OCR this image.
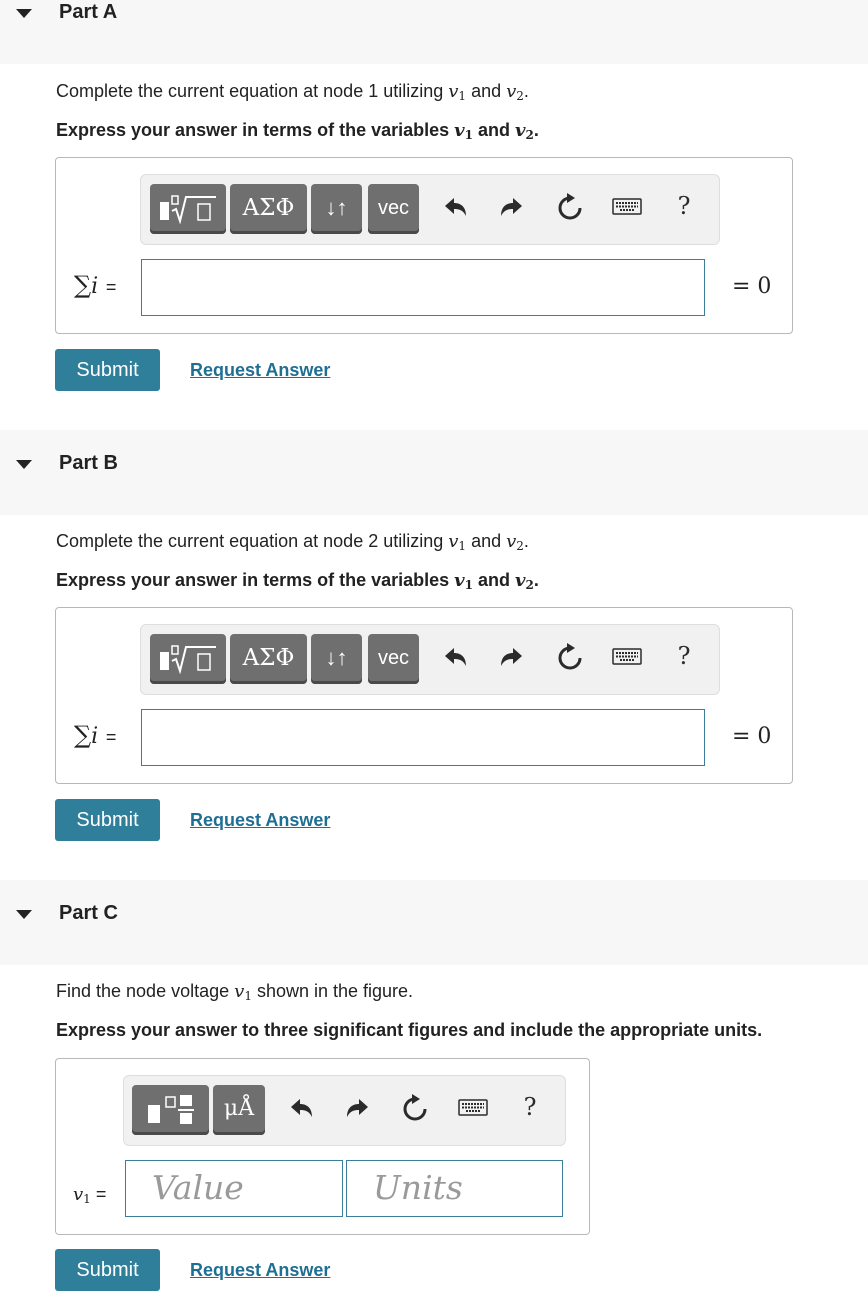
Part A
Complete the current equation at node 1 utilizing $v_1$ and $v_2$.
Express your answer in terms of the variables $v_1$ and $v_2$.
ΑΣΦ	↓↑	vec	?
∑i =	= 0
Submit	Request Answer
Part B
Complete the current equation at node 2 utilizing $v_1$ and $v_2$.
Express your answer in terms of the variables $v_1$ and $v_2$.
ΑΣΦ	↓↑	vec	?
∑i =	= 0
Submit	Request Answer
Part C
Find the node voltage $v_1$ shown in the figure.
Express your answer to three significant figures and include the appropriate units.
μÅ	?
$v_1$ =	Value	Units
Submit	Request Answer
